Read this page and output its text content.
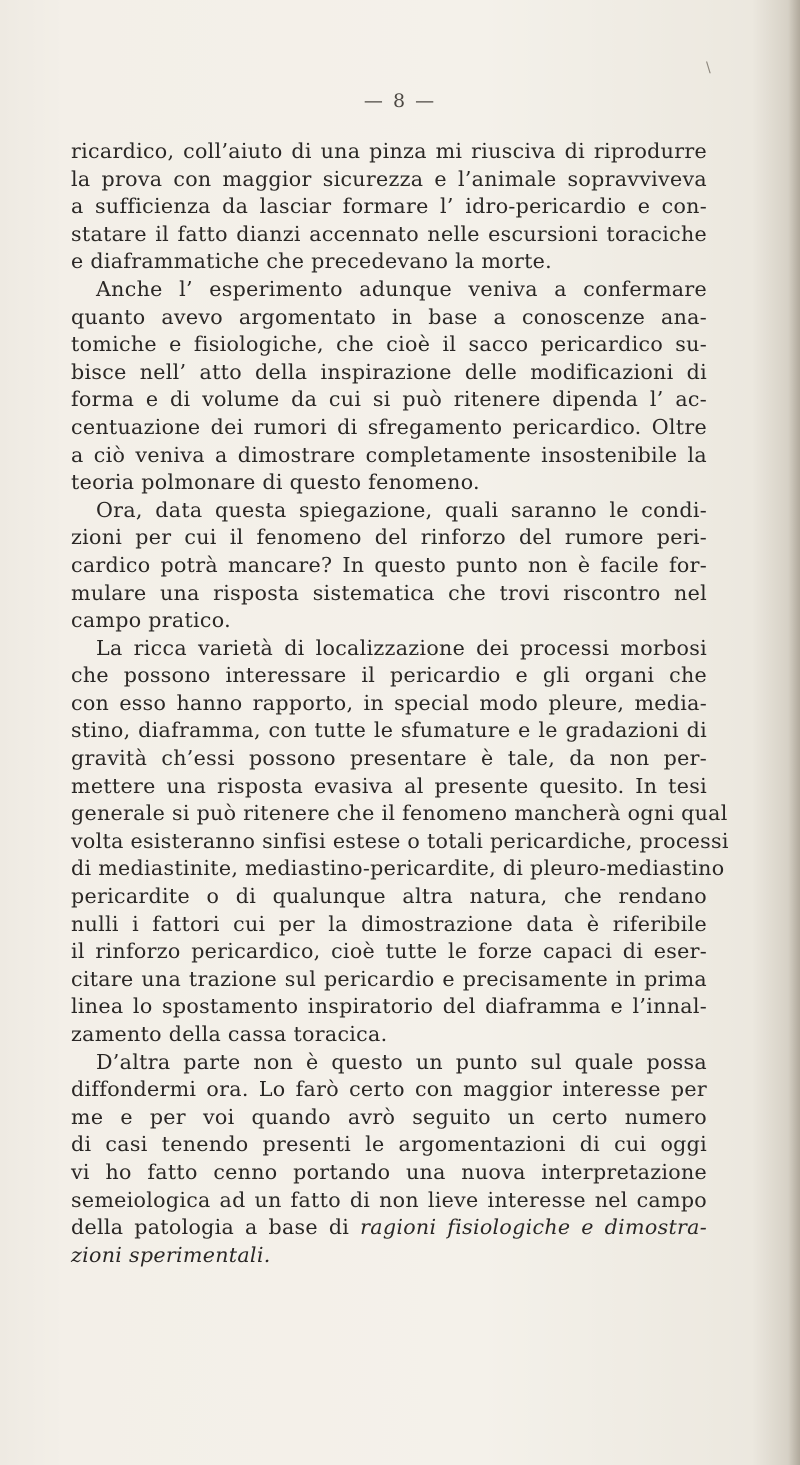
\
— 8 —
ricardico, coll’aiuto di una pinza mi riusciva di riprodurre
la prova con maggior sicurezza e l’animale sopravviveva
a sufficienza da lasciar formare l’ idro-pericardio e con-
statare il fatto dianzi accennato nelle escursioni toraciche
e diaframmatiche che precedevano la morte.
Anche l’ esperimento adunque veniva a confermare
quanto avevo argomentato in base a conoscenze ana-
tomiche e fisiologiche, che cioè il sacco pericardico su-
bisce nell’ atto della inspirazione delle modificazioni di
forma e di volume da cui si può ritenere dipenda l’ ac-
centuazione dei rumori di sfregamento pericardico. Oltre
a ciò veniva a dimostrare completamente insostenibile la
teoria polmonare di questo fenomeno.
Ora, data questa spiegazione, quali saranno le condi-
zioni per cui il fenomeno del rinforzo del rumore peri-
cardico potrà mancare? In questo punto non è facile for-
mulare una risposta sistematica che trovi riscontro nel
campo pratico.
La ricca varietà di localizzazione dei processi morbosi
che possono interessare il pericardio e gli organi che
con esso hanno rapporto, in special modo pleure, media-
stino, diaframma, con tutte le sfumature e le gradazioni di
gravità ch’essi possono presentare è tale, da non per-
mettere una risposta evasiva al presente quesito. In tesi
generale si può ritenere che il fenomeno mancherà ogni qual
volta esisteranno sinfisi estese o totali pericardiche, processi
di mediastinite, mediastino-pericardite, di pleuro-mediastino
pericardite o di qualunque altra natura, che rendano
nulli i fattori cui per la dimostrazione data è riferibile
il rinforzo pericardico, cioè tutte le forze capaci di eser-
citare una trazione sul pericardio e precisamente in prima
linea lo spostamento inspiratorio del diaframma e l’innal-
zamento della cassa toracica.
D’altra parte non è questo un punto sul quale possa
diffondermi ora. Lo farò certo con maggior interesse per
me e per voi quando avrò seguito un certo numero
di casi tenendo presenti le argomentazioni di cui oggi
vi ho fatto cenno portando una nuova interpretazione
semeiologica ad un fatto di non lieve interesse nel campo
della patologia a base di ragioni fisiologiche e dimostra-
zioni sperimentali.
